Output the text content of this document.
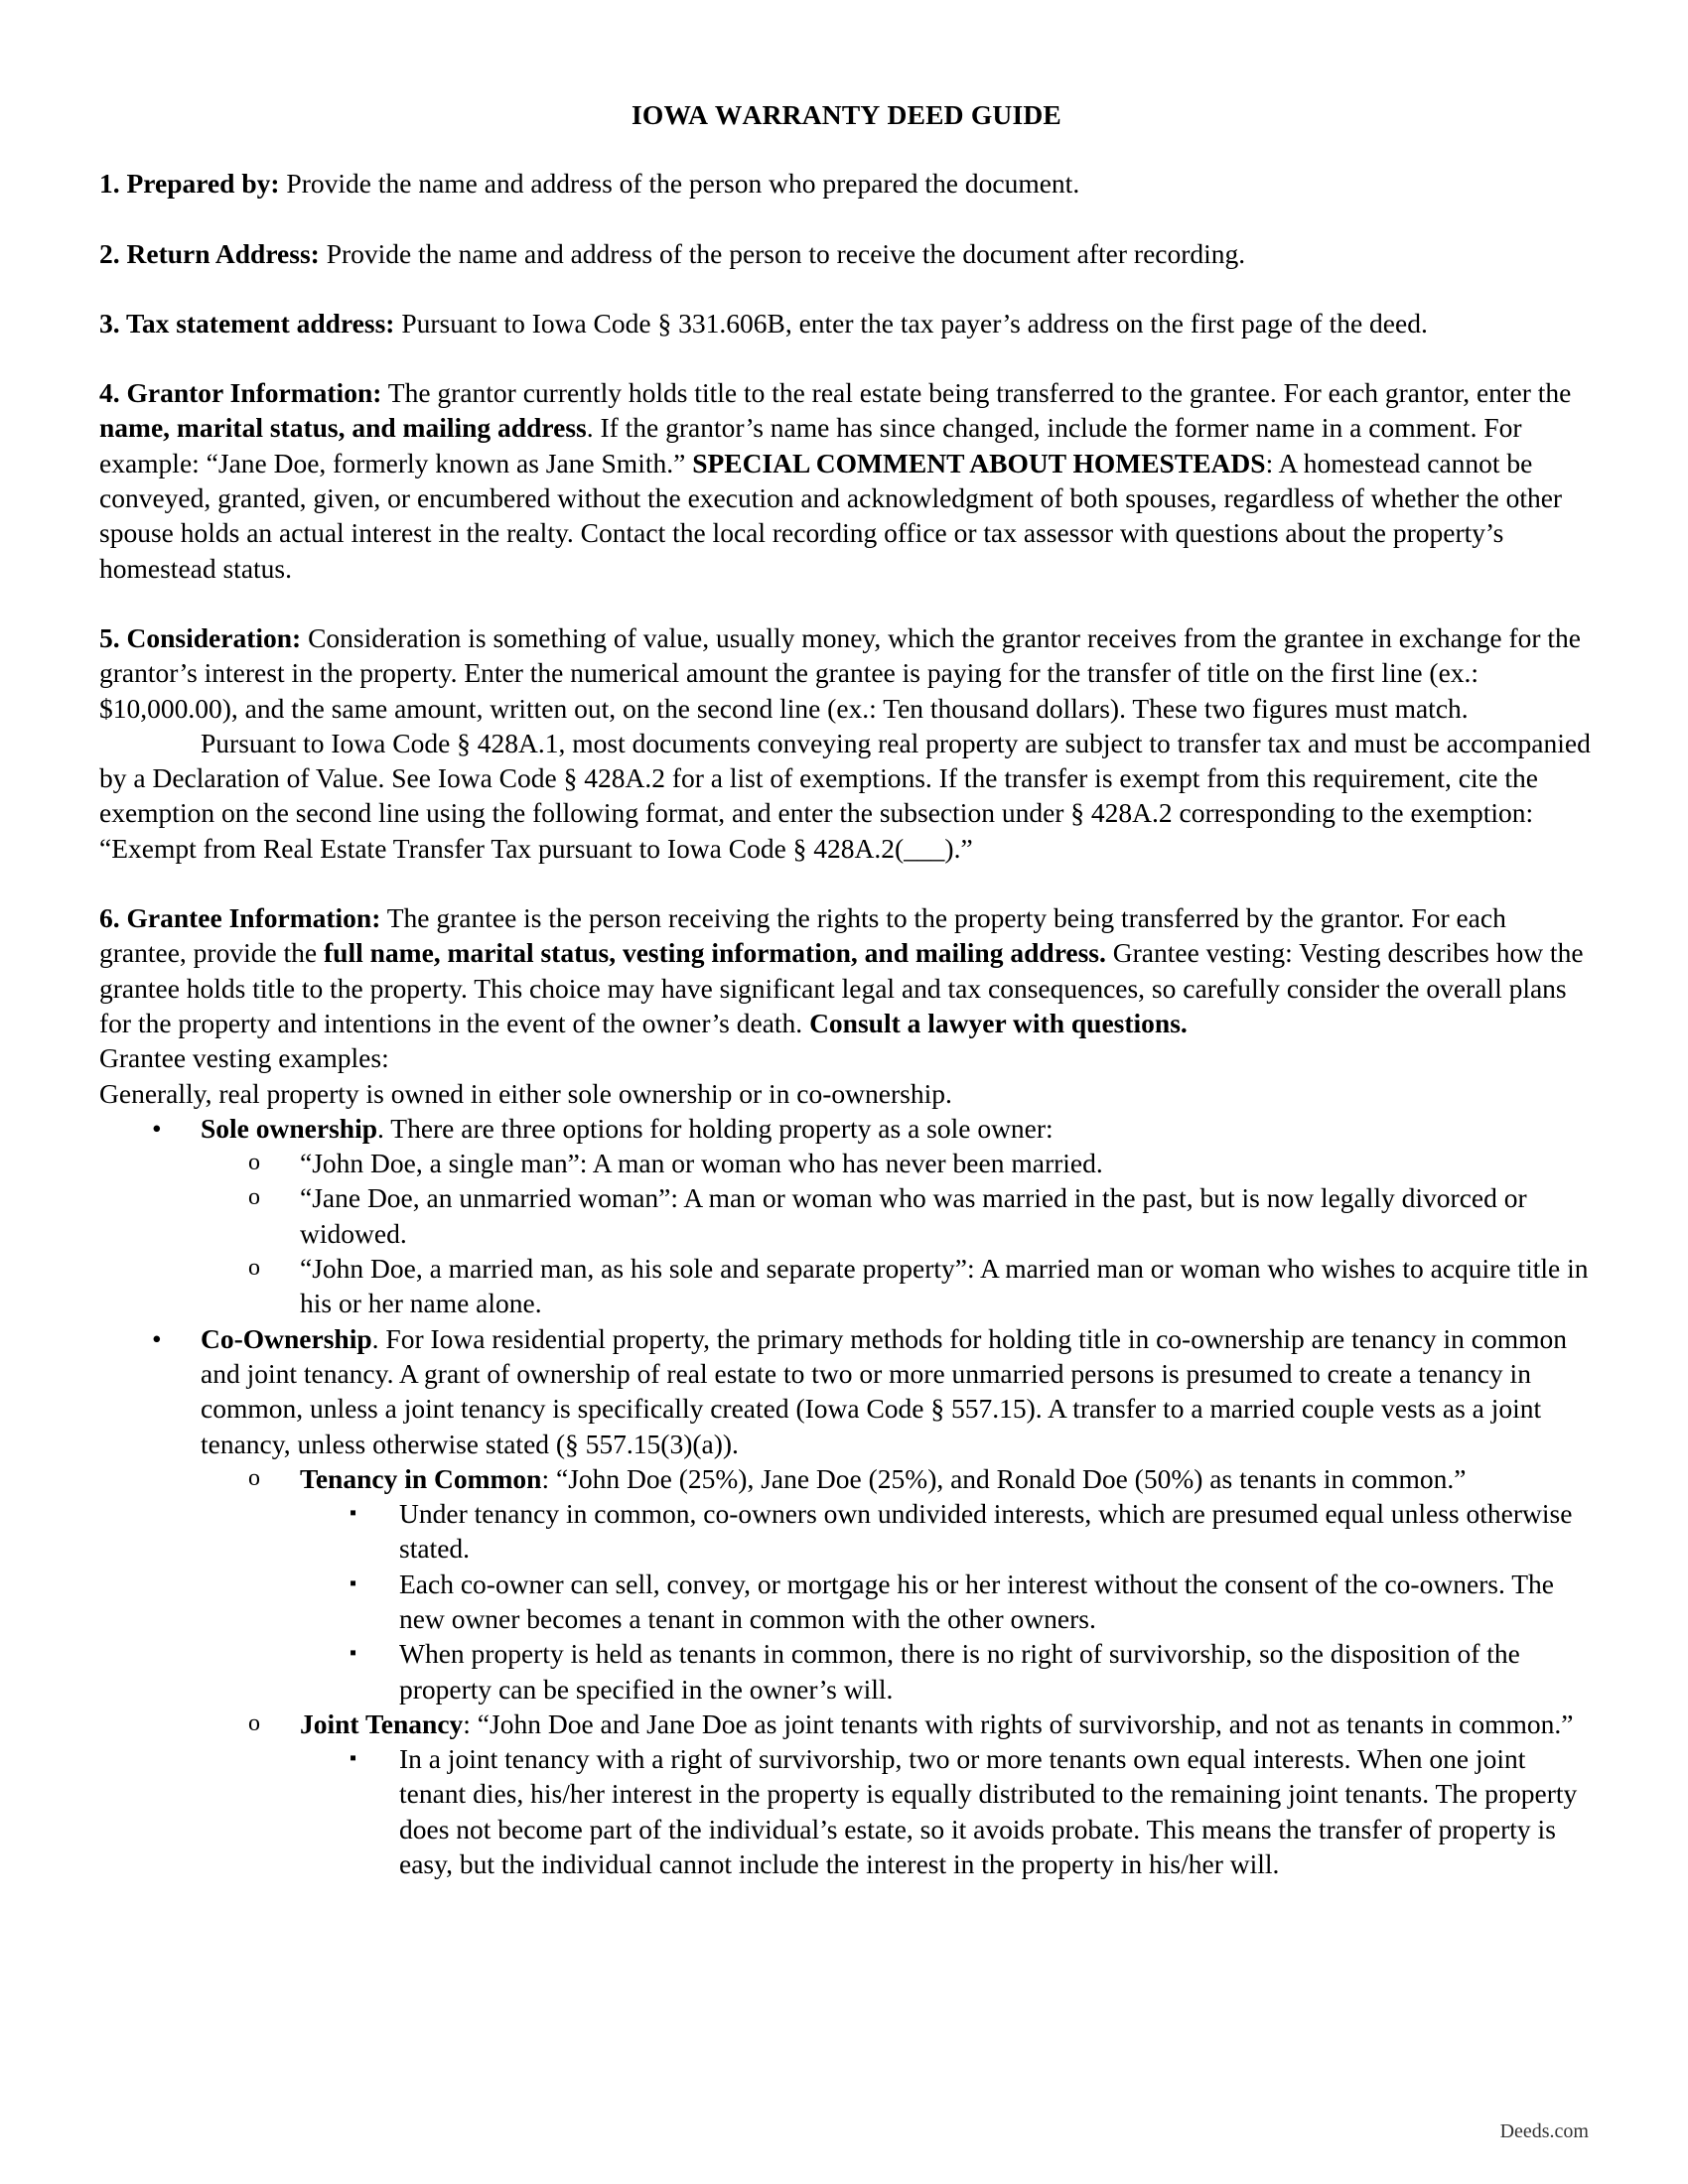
IOWA WARRANTY DEED GUIDE

1. Prepared by: Provide the name and address of the person who prepared the document.

2. Return Address: Provide the name and address of the person to receive the document after recording.

3. Tax statement address: Pursuant to Iowa Code § 331.606B, enter the tax payer’s address on the first page of the deed.

4. Grantor Information: The grantor currently holds title to the real estate being transferred to the grantee. For each grantor, enter the name, marital status, and mailing address. If the grantor’s name has since changed, include the former name in a comment. For example: “Jane Doe, formerly known as Jane Smith.” SPECIAL COMMENT ABOUT HOMESTEADS: A homestead cannot be conveyed, granted, given, or encumbered without the execution and acknowledgment of both spouses, regardless of whether the other spouse holds an actual interest in the realty. Contact the local recording office or tax assessor with questions about the property’s homestead status.

5. Consideration: Consideration is something of value, usually money, which the grantor receives from the grantee in exchange for the grantor’s interest in the property. Enter the numerical amount the grantee is paying for the transfer of title on the first line (ex.: $10,000.00), and the same amount, written out, on the second line (ex.: Ten thousand dollars). These two figures must match.

Pursuant to Iowa Code § 428A.1, most documents conveying real property are subject to transfer tax and must be accompanied by a Declaration of Value. See Iowa Code § 428A.2 for a list of exemptions. If the transfer is exempt from this requirement, cite the exemption on the second line using the following format, and enter the subsection under § 428A.2 corresponding to the exemption: “Exempt from Real Estate Transfer Tax pursuant to Iowa Code § 428A.2(___).”

6. Grantee Information: The grantee is the person receiving the rights to the property being transferred by the grantor. For each grantee, provide the full name, marital status, vesting information, and mailing address. Grantee vesting: Vesting describes how the grantee holds title to the property. This choice may have significant legal and tax consequences, so carefully consider the overall plans for the property and intentions in the event of the owner’s death. Consult a lawyer with questions.

Grantee vesting examples:

Generally, real property is owned in either sole ownership or in co-ownership.

• Sole ownership. There are three options for holding property as a sole owner:
o “John Doe, a single man”: A man or woman who has never been married.
o “Jane Doe, an unmarried woman”: A man or woman who was married in the past, but is now legally divorced or widowed.
o “John Doe, a married man, as his sole and separate property”: A married man or woman who wishes to acquire title in his or her name alone.
• Co-Ownership. For Iowa residential property, the primary methods for holding title in co-ownership are tenancy in common and joint tenancy. A grant of ownership of real estate to two or more unmarried persons is presumed to create a tenancy in common, unless a joint tenancy is specifically created (Iowa Code § 557.15). A transfer to a married couple vests as a joint tenancy, unless otherwise stated (§ 557.15(3)(a)).
o Tenancy in Common: “John Doe (25%), Jane Doe (25%), and Ronald Doe (50%) as tenants in common.”
▪ Under tenancy in common, co-owners own undivided interests, which are presumed equal unless otherwise stated.
▪ Each co-owner can sell, convey, or mortgage his or her interest without the consent of the co-owners. The new owner becomes a tenant in common with the other owners.
▪ When property is held as tenants in common, there is no right of survivorship, so the disposition of the property can be specified in the owner’s will.
o Joint Tenancy: “John Doe and Jane Doe as joint tenants with rights of survivorship, and not as tenants in common.”
▪ In a joint tenancy with a right of survivorship, two or more tenants own equal interests. When one joint tenant dies, his/her interest in the property is equally distributed to the remaining joint tenants. The property does not become part of the individual’s estate, so it avoids probate. This means the transfer of property is easy, but the individual cannot include the interest in the property in his/her will.
Deeds.com
